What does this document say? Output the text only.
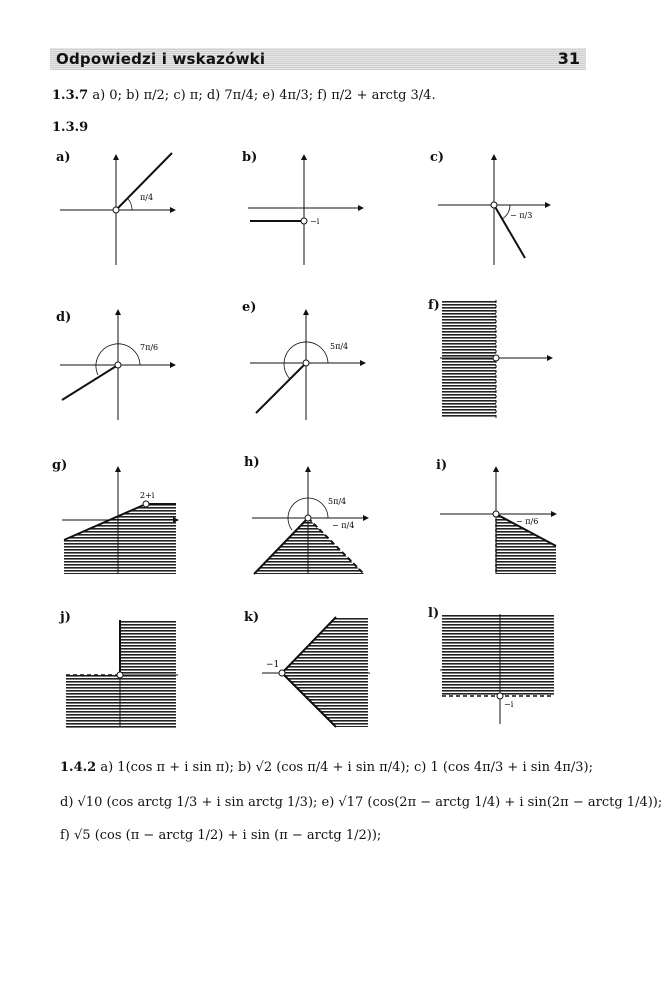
Odpowiedzi i wskazówki	31
1.3.7 a) 0; b) π/2; c) π; d) 7π/4; e) 4π/3; f) π/2 + arctg 3/4.
1.3.9
a)
π/4
b)
−i
c)
− π/3
d)
7π/6
e)
5π/4
f)
g)
2+i
h)
5π/4
− π/4
i)
− π/6
j)	k)
−1
l)
−i
1.4.2 a) 1(cos π + i sin π); b) √2 (cos π/4 + i sin π/4); c) 1 (cos 4π/3 + i sin 4π/3);
d) √10 (cos arctg 1/3 + i sin arctg 1/3); e) √17 (cos(2π − arctg 1/4) + i sin(2π − arctg 1/4));
f) √5 (cos (π − arctg 1/2) + i sin (π − arctg 1/2));
